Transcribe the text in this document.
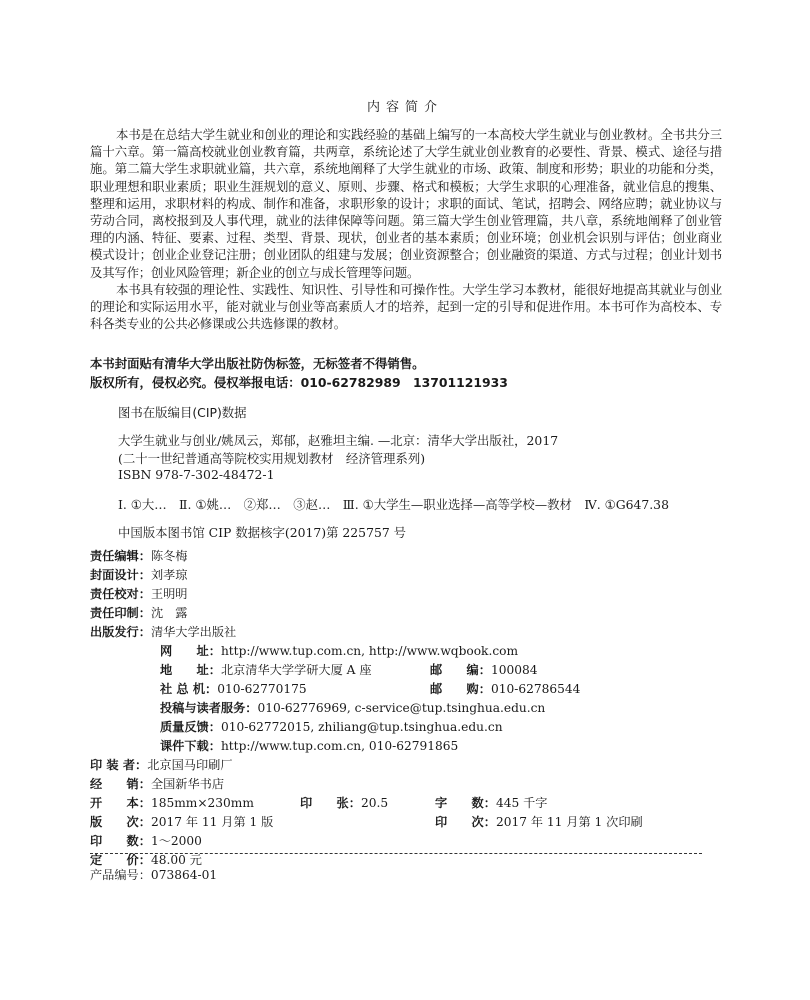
内容简介

本书是在总结大学生就业和创业的理论和实践经验的基础上编写的一本高校大学生就业与创业教材。全书共分三篇十六章。第一篇高校就业创业教育篇，共两章，系统论述了大学生就业创业教育的必要性、背景、模式、途径与措施。第二篇大学生求职就业篇，共六章，系统地阐释了大学生就业的市场、政策、制度和形势；职业的功能和分类，职业理想和职业素质；职业生涯规划的意义、原则、步骤、格式和模板；大学生求职的心理准备，就业信息的搜集、整理和运用，求职材料的构成、制作和准备，求职形象的设计；求职的面试、笔试，招聘会、网络应聘；就业协议与劳动合同，离校报到及人事代理，就业的法律保障等问题。第三篇大学生创业管理篇，共八章，系统地阐释了创业管理的内涵、特征、要素、过程、类型、背景、现状，创业者的基本素质；创业环境；创业机会识别与评估；创业商业模式设计；创业企业登记注册；创业团队的组建与发展；创业资源整合；创业融资的渠道、方式与过程；创业计划书及其写作；创业风险管理；新企业的创立与成长管理等问题。

本书具有较强的理论性、实践性、知识性、引导性和可操作性。大学生学习本教材，能很好地提高其就业与创业的理论和实际运用水平，能对就业与创业等高素质人才的培养，起到一定的引导和促进作用。本书可作为高校本、专科各类专业的公共必修课或公共选修课的教材。

本书封面贴有清华大学出版社防伪标签，无标签者不得销售。
版权所有，侵权必究。侵权举报电话：010-62782989　13701121933
图书在版编目(CIP)数据
大学生就业与创业/姚凤云，郑郁，赵雅坦主编. —北京：清华大学出版社，2017
(二十一世纪普通高等院校实用规划教材　经济管理系列)
ISBN 978-7-302-48472-1
Ⅰ. ①大…　Ⅱ. ①姚…　②郑…　③赵…　Ⅲ. ①大学生—职业选择—高等学校—教材　Ⅳ. ①G647.38
中国版本图书馆 CIP 数据核字(2017)第 225757 号
责任编辑：陈冬梅
封面设计：刘孝琼
责任校对：王明明
责任印制：沈　露
出版发行：清华大学出版社
网　　址：http://www.tup.com.cn, http://www.wqbook.com
地　　址：北京清华大学学研大厦 A 座	邮　　编：100084
社 总 机：010-62770175	邮　　购：010-62786544
投稿与读者服务：010-62776969, c-service@tup.tsinghua.edu.cn
质量反馈：010-62772015, zhiliang@tup.tsinghua.edu.cn
课件下载：http://www.tup.com.cn, 010-62791865
印 装 者：北京国马印刷厂
经　　销：全国新华书店
开　　本：185mm×230mm	印　　张：20.5	字　　数：445 千字
版　　次：2017 年 11 月第 1 版	印　　次：2017 年 11 月第 1 次印刷
印　　数：1～2000
定　　价：48.00 元
产品编号：073864-01
